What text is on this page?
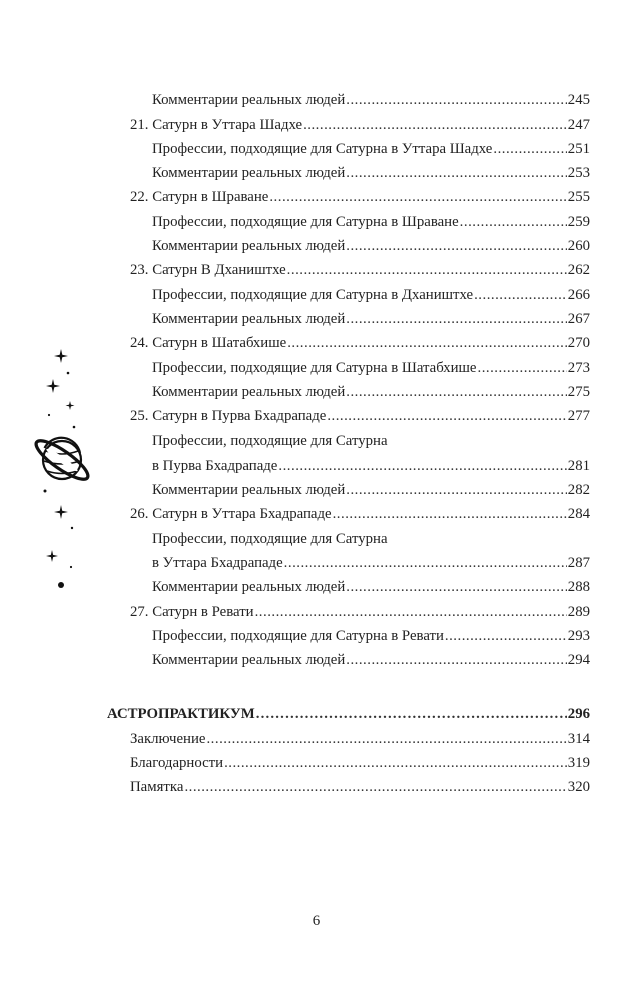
Комментарии реальных людей .....	245
21. Сатурн в Уттара Шадхе .....	247
Профессии, подходящие для Сатурна в Уттара Шадхе .....	251
Комментарии реальных людей .....	253
22. Сатурн в Шраване .....	255
Профессии, подходящие для Сатурна в Шраване .....	259
Комментарии реальных людей .....	260
23. Сатурн В Дхаништхе .....	262
Профессии, подходящие для Сатурна в Дхаништхе .....	266
Комментарии реальных людей .....	267
24. Сатурн в Шатабхише .....	270
Профессии, подходящие для Сатурна в Шатабхише .....	273
Комментарии реальных людей .....	275
25. Сатурн в Пурва Бхадрападе .....	277
Профессии, подходящие для Сатурна
в Пурва Бхадрападе .....	281
Комментарии реальных людей .....	282
26. Сатурн в Уттара Бхадрападе .....	284
Профессии, подходящие для Сатурна
в Уттара Бхадрападе .....	287
Комментарии реальных людей .....	288
27. Сатурн в Ревати .....	289
Профессии, подходящие для Сатурна в Ревати .....	293
Комментарии реальных людей .....	294
АСТРОПРАКТИКУМ .....	296
Заключение .....	314
Благодарности .....	319
Памятка .....	320
6
